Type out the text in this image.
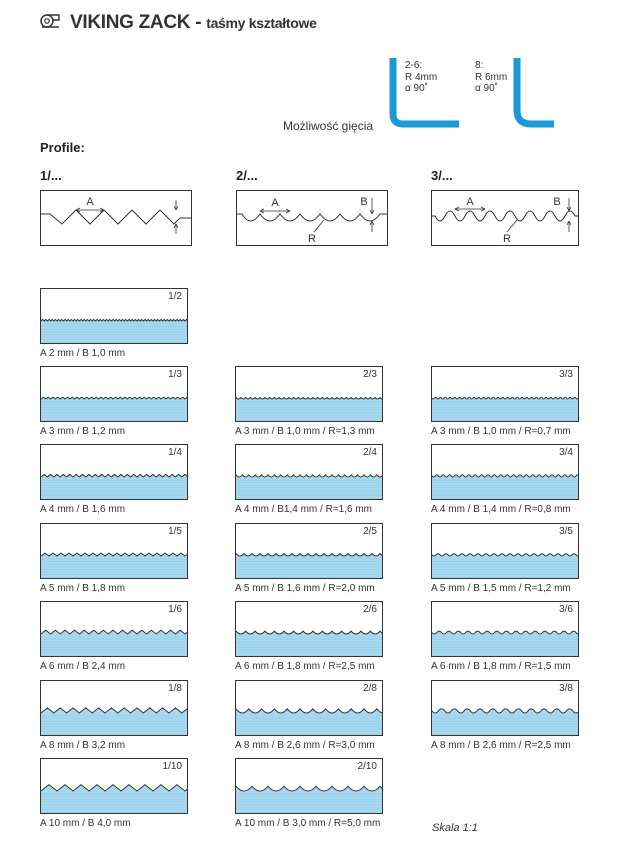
VIKING ZACK - taśmy kształtowe
2-6:
R 4mm
α 90˚
8:
R 6mm
α 90˚
Możliwość gięcia
Profile:
1/...	2/...	3/...
A	A	B
R
A	B
R
1/2
A 2 mm / B 1,0 mm
1/3
A 3 mm / B 1,2 mm
2/3
A 3 mm / B 1,0 mm / R=1,3 mm
3/3
A 3 mm / B 1,0 mm / R=0,7 mm
1/4
A 4 mm / B 1,6 mm
2/4
A 4 mm / B1,4 mm / R=1,6 mm
3/4
A 4 mm / B 1,4 mm / R=0,8 mm
1/5
A 5 mm / B 1,8 mm
2/5
A 5 mm / B 1,6 mm / R=2,0 mm
3/5
A 5 mm / B 1,5 mm / R=1,2 mm
1/6
A 6 mm / B 2,4 mm
2/6
A 6 mm / B 1,8 mm / R=2,5 mm
3/6
A 6 mm / B 1,8 mm / R=1,5 mm
1/8
A 8 mm / B 3,2 mm
2/8
A 8 mm / B 2,6 mm / R=3,0 mm
3/8
A 8 mm / B 2,6 mm / R=2,5 mm
1/10
A 10 mm / B 4,0 mm
2/10
A 10 mm / B 3,0 mm / R=5,0 mm	Skala 1:1
